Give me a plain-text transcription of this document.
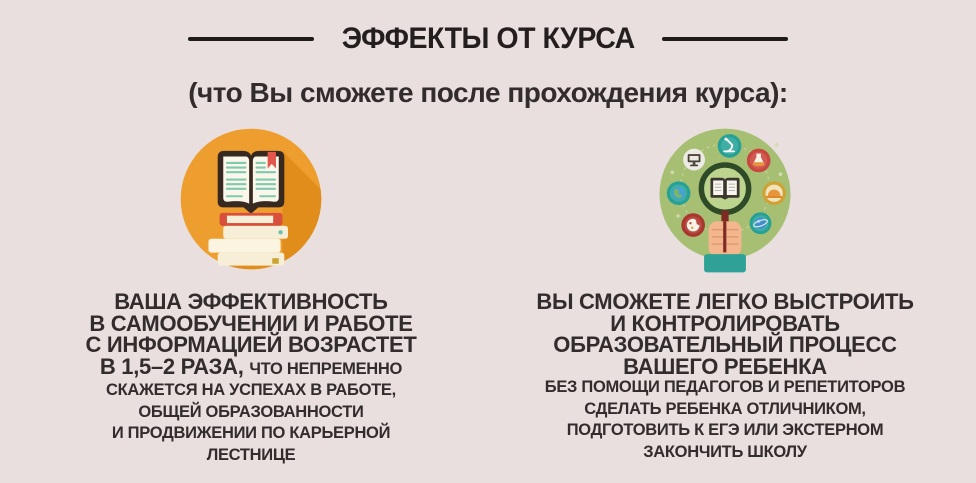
ЭФФЕКТЫ ОТ КУРСА
(что Вы сможете после прохождения курса):
ВАША ЭФФЕКТИВНОСТЬ
В САМООБУЧЕНИИ И РАБОТЕ
С ИНФОРМАЦИЕЙ ВОЗРАСТЕТ
В 1,5–2 РАЗА, ЧТО НЕПРЕМЕННО
СКАЖЕТСЯ НА УСПЕХАХ В РАБОТЕ,
ОБЩЕЙ ОБРАЗОВАННОСТИ
И ПРОДВИЖЕНИИ ПО КАРЬЕРНОЙ
ЛЕСТНИЦЕ
ВЫ СМОЖЕТЕ ЛЕГКО ВЫСТРОИТЬ
И КОНТРОЛИРОВАТЬ
ОБРАЗОВАТЕЛЬНЫЙ ПРОЦЕСС
ВАШЕГО РЕБЕНКА
БЕЗ ПОМОЩИ ПЕДАГОГОВ И РЕПЕТИТОРОВ
СДЕЛАТЬ РЕБЕНКА ОТЛИЧНИКОМ,
ПОДГОТОВИТЬ К ЕГЭ ИЛИ ЭКСТЕРНОМ
ЗАКОНЧИТЬ ШКОЛУ
